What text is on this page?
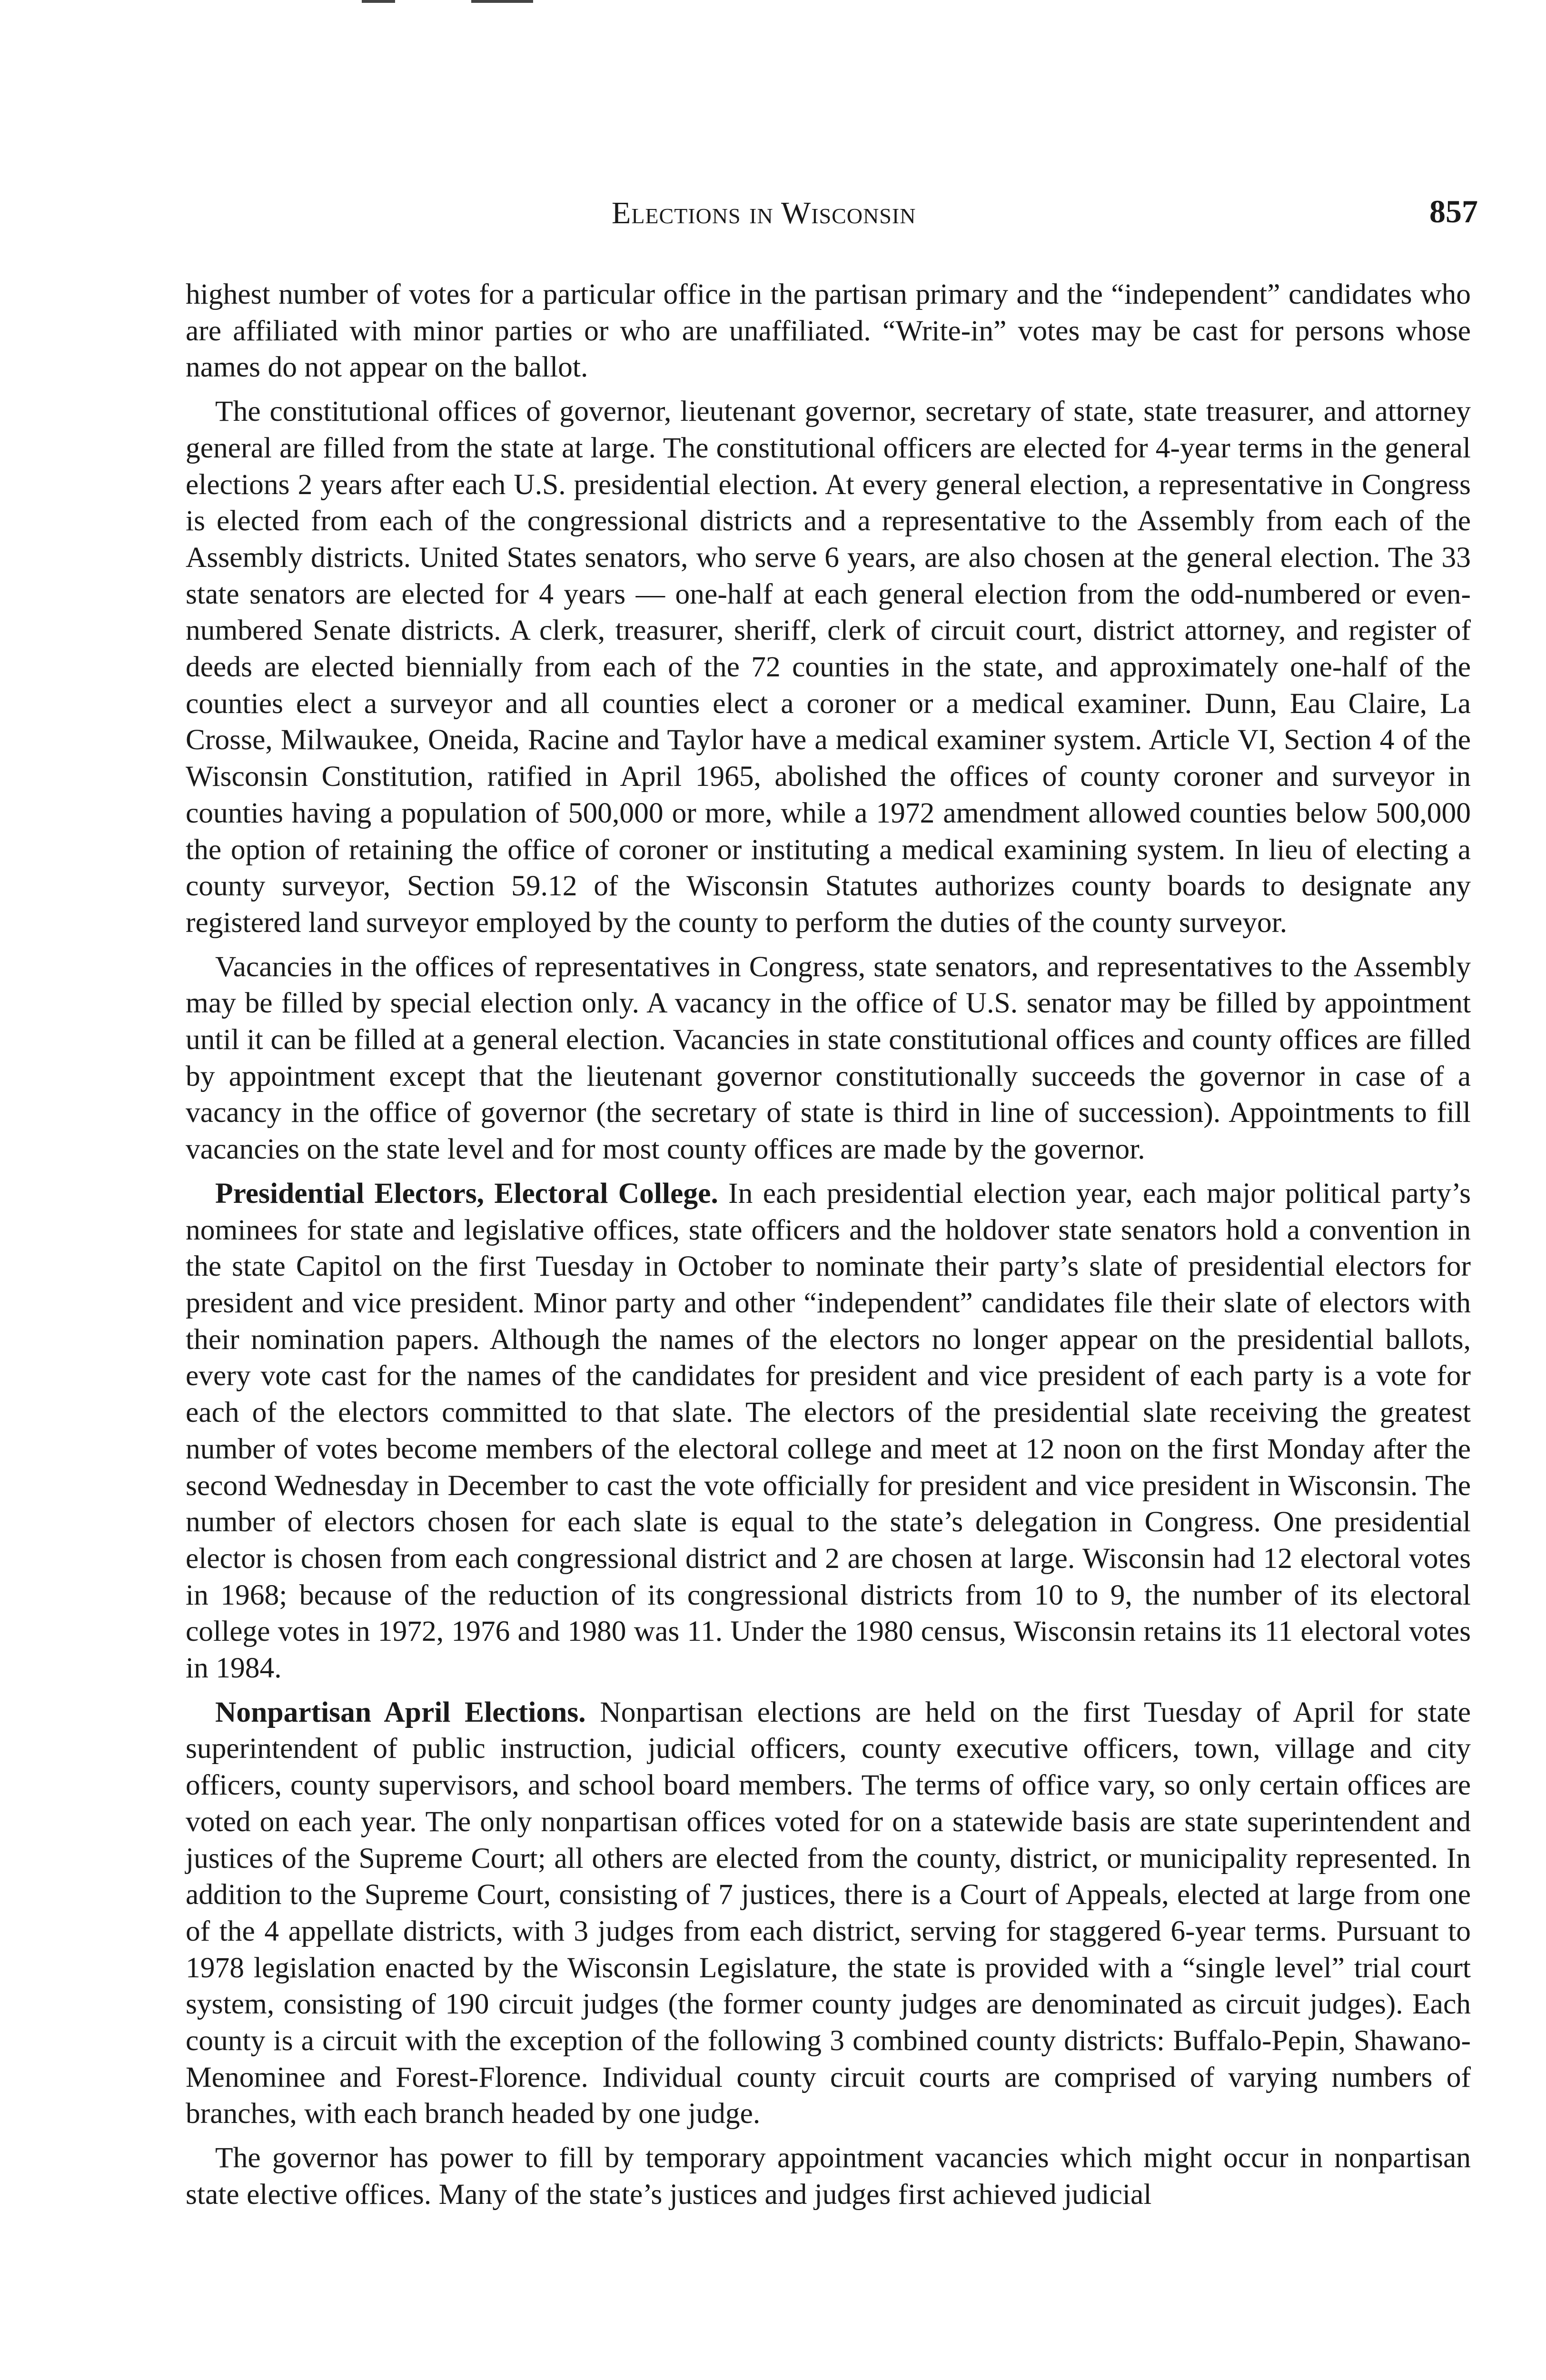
Elections in Wisconsin	857

highest number of votes for a particular office in the partisan primary and the “independent” candidates who are affiliated with minor parties or who are unaffiliated. “Write-in” votes may be cast for persons whose names do not appear on the ballot.

The constitutional offices of governor, lieutenant governor, secretary of state, state treasurer, and attorney general are filled from the state at large. The constitutional officers are elected for 4-year terms in the general elections 2 years after each U.S. presidential election. At every general election, a representative in Congress is elected from each of the congressional districts and a representative to the Assembly from each of the Assembly districts. United States senators, who serve 6 years, are also chosen at the general election. The 33 state senators are elected for 4 years — one-half at each general election from the odd-numbered or even-numbered Senate districts. A clerk, treasurer, sheriff, clerk of circuit court, district attorney, and register of deeds are elected biennially from each of the 72 counties in the state, and approximately one-half of the counties elect a surveyor and all counties elect a coroner or a medical examiner. Dunn, Eau Claire, La Crosse, Milwaukee, Oneida, Racine and Taylor have a medical examiner system. Article VI, Section 4 of the Wisconsin Constitution, ratified in April 1965, abolished the offices of county coroner and surveyor in counties having a population of 500,000 or more, while a 1972 amendment allowed counties below 500,000 the option of retaining the office of coroner or instituting a medical examining system. In lieu of electing a county surveyor, Section 59.12 of the Wisconsin Statutes authorizes county boards to designate any registered land surveyor employed by the county to perform the duties of the county surveyor.

Vacancies in the offices of representatives in Congress, state senators, and representatives to the Assembly may be filled by special election only. A vacancy in the office of U.S. senator may be filled by appointment until it can be filled at a general election. Vacancies in state constitutional offices and county offices are filled by appointment except that the lieutenant governor constitutionally succeeds the governor in case of a vacancy in the office of governor (the secretary of state is third in line of succession). Appointments to fill vacancies on the state level and for most county offices are made by the governor.

Presidential Electors, Electoral College. In each presidential election year, each major political party’s nominees for state and legislative offices, state officers and the holdover state senators hold a convention in the state Capitol on the first Tuesday in October to nominate their party’s slate of presidential electors for president and vice president. Minor party and other “independent” candidates file their slate of electors with their nomination papers. Although the names of the electors no longer appear on the presidential ballots, every vote cast for the names of the candidates for president and vice president of each party is a vote for each of the electors committed to that slate. The electors of the presidential slate receiving the greatest number of votes become members of the electoral college and meet at 12 noon on the first Monday after the second Wednesday in December to cast the vote officially for president and vice president in Wisconsin. The number of electors chosen for each slate is equal to the state’s delegation in Congress. One presidential elector is chosen from each congressional district and 2 are chosen at large. Wisconsin had 12 electoral votes in 1968; because of the reduction of its congressional districts from 10 to 9, the number of its electoral college votes in 1972, 1976 and 1980 was 11. Under the 1980 census, Wisconsin retains its 11 electoral votes in 1984.

Nonpartisan April Elections. Nonpartisan elections are held on the first Tuesday of April for state superintendent of public instruction, judicial officers, county executive officers, town, village and city officers, county supervisors, and school board members. The terms of office vary, so only certain offices are voted on each year. The only nonpartisan offices voted for on a statewide basis are state superintendent and justices of the Supreme Court; all others are elected from the county, district, or municipality represented. In addition to the Supreme Court, consisting of 7 justices, there is a Court of Appeals, elected at large from one of the 4 appellate districts, with 3 judges from each district, serving for staggered 6-year terms. Pursuant to 1978 legislation enacted by the Wisconsin Legislature, the state is provided with a “single level” trial court system, consisting of 190 circuit judges (the former county judges are denominated as circuit judges). Each county is a circuit with the exception of the following 3 combined county districts: Buffalo-Pepin, Shawano-Menominee and Forest-Florence. Individual county circuit courts are comprised of varying numbers of branches, with each branch headed by one judge.

The governor has power to fill by temporary appointment vacancies which might occur in nonpartisan state elective offices. Many of the state’s justices and judges first achieved judicial
